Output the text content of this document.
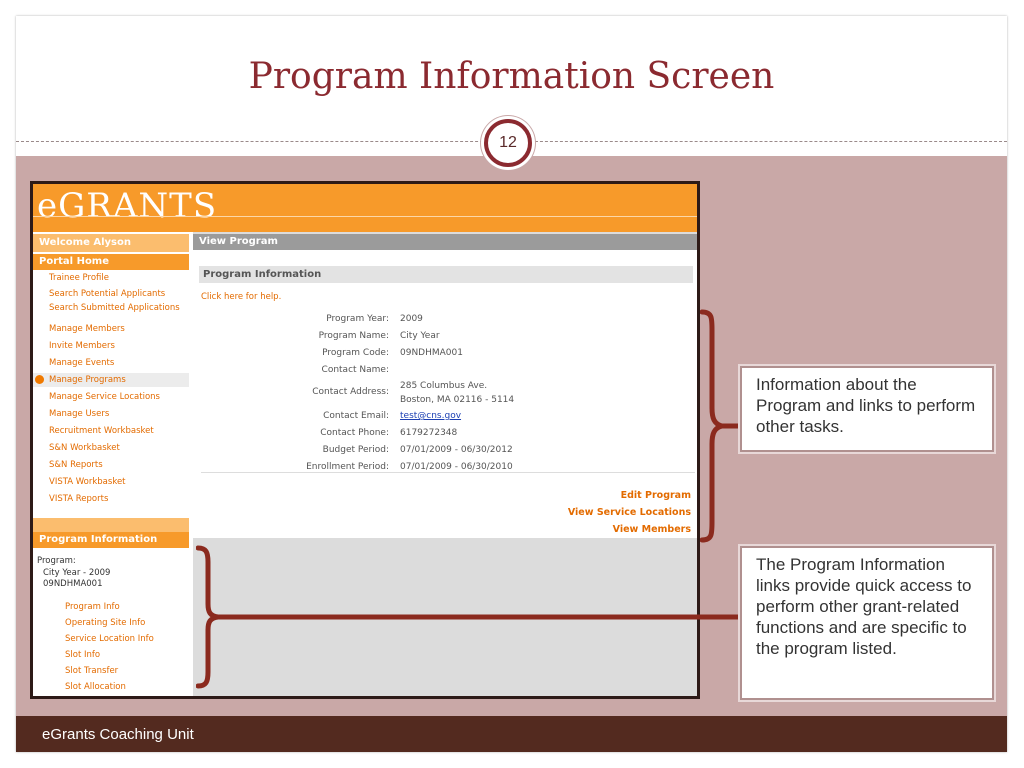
Program Information Screen
12
eGrants Coaching Unit
eGRANTS
Welcome Alyson
Portal Home
Trainee Profile
Search Potential Applicants
Search Submitted Applications
Manage Members
Invite Members
Manage Events
Manage Programs
Manage Service Locations
Manage Users
Recruitment Workbasket
S&N Workbasket
S&N Reports
VISTA Workbasket
VISTA Reports
Program Information
Program:
City Year - 2009
09NDHMA001
Program Info
Operating Site Info
Service Location Info
Slot Info
Slot Transfer
Slot Allocation
View Program
Program Information
Click here for help.
Program Year: 2009
Program Name: City Year
Program Code: 09NDHMA001
Contact Name:
Contact Address:
285 Columbus Ave.
Boston, MA 02116 - 5114
Contact Email: test@cns.gov
Contact Phone: 6179272348
Budget Period: 07/01/2009 - 06/30/2012
Enrollment Period: 07/01/2009 - 06/30/2010
Edit Program
View Service Locations
View Members
Information about the Program and links to perform other tasks.
The Program Information links provide quick access to perform other grant-related functions and are specific to the program listed.
